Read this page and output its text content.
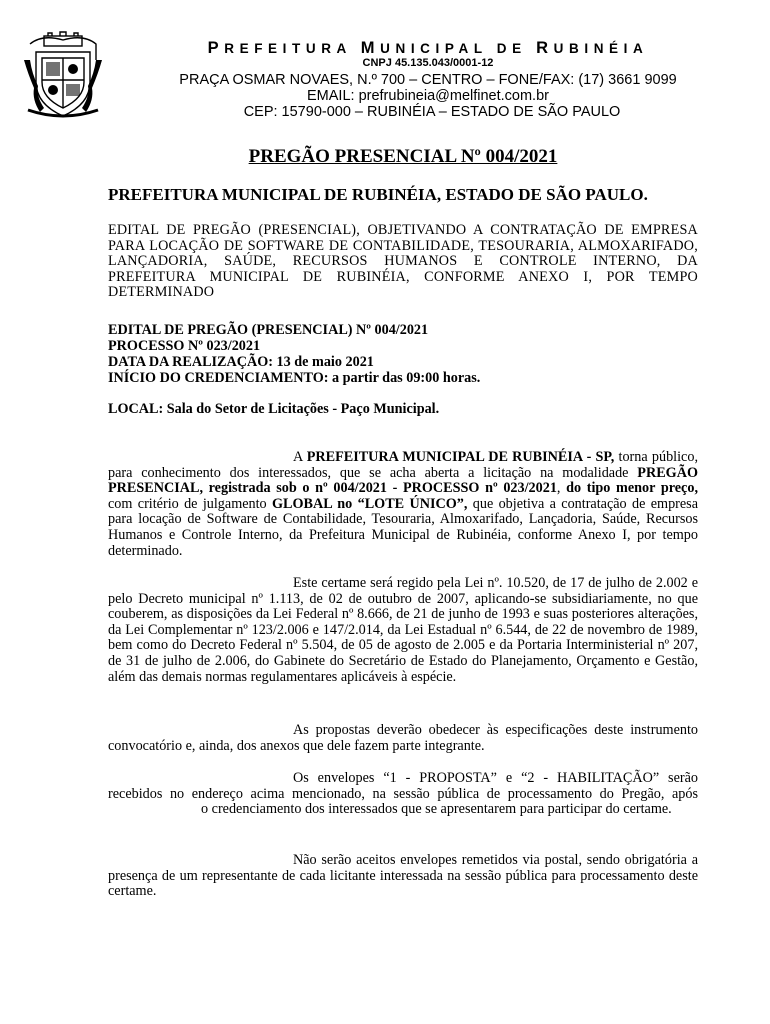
PREFEITURA MUNICIPAL DE RUBINÉIA
CNPJ 45.135.043/0001-12
PRAÇA OSMAR NOVAES, N.º 700 – CENTRO – FONE/FAX: (17) 3661 9099
EMAIL: prefrubineia@melfinet.com.br
CEP: 15790-000 – RUBINÉIA – ESTADO DE SÃO PAULO
PREGÃO PRESENCIAL Nº 004/2021
PREFEITURA MUNICIPAL DE RUBINÉIA, ESTADO DE SÃO PAULO.
EDITAL DE PREGÃO (PRESENCIAL), OBJETIVANDO A CONTRATAÇÃO DE EMPRESA PARA LOCAÇÃO DE SOFTWARE DE CONTABILIDADE, TESOURARIA, ALMOXARIFADO, LANÇADORIA, SAÚDE, RECURSOS HUMANOS E CONTROLE INTERNO, DA PREFEITURA MUNICIPAL DE RUBINÉIA, CONFORME ANEXO I, POR TEMPO DETERMINADO
EDITAL DE PREGÃO (PRESENCIAL) Nº 004/2021
PROCESSO Nº 023/2021
DATA DA REALIZAÇÃO: 13 de maio 2021
INÍCIO DO CREDENCIAMENTO: a partir das 09:00 horas.
LOCAL: Sala do Setor de Licitações - Paço Municipal.
A PREFEITURA MUNICIPAL DE RUBINÉIA - SP, torna público, para conhecimento dos interessados, que se acha aberta a licitação na modalidade PREGÃO PRESENCIAL, registrada sob o nº 004/2021 - PROCESSO nº 023/2021, do tipo menor preço, com critério de julgamento GLOBAL no “LOTE ÚNICO”, que objetiva a contratação de empresa para locação de Software de Contabilidade, Tesouraria, Almoxarifado, Lançadoria, Saúde, Recursos Humanos e Controle Interno, da Prefeitura Municipal de Rubinéia, conforme Anexo I, por tempo determinado.
Este certame será regido pela Lei nº. 10.520, de 17 de julho de 2.002 e pelo Decreto municipal nº 1.113, de 02 de outubro de 2007, aplicando-se subsidiariamente, no que couberem, as disposições da Lei Federal nº 8.666, de 21 de junho de 1993 e suas posteriores alterações, da Lei Complementar nº 123/2.006 e 147/2.014, da Lei Estadual nº 6.544, de 22 de novembro de 1989, bem como do Decreto Federal nº 5.504, de 05 de agosto de 2.005 e da Portaria Interministerial nº 207, de 31 de julho de 2.006, do Gabinete do Secretário de Estado do Planejamento, Orçamento e Gestão, além das demais normas regulamentares aplicáveis à espécie.
As propostas deverão obedecer às especificações deste instrumento convocatório e, ainda, dos anexos que dele fazem parte integrante.
Os envelopes “1 - PROPOSTA” e “2 - HABILITAÇÃO” serão recebidos no endereço acima mencionado, na sessão pública de processamento do Pregão, apóso credenciamento dos interessados que se apresentarem para participar do certame.
Não serão aceitos envelopes remetidos via postal, sendo obrigatória a presença de um representante de cada licitante interessada na sessão pública para processamento deste certame.
